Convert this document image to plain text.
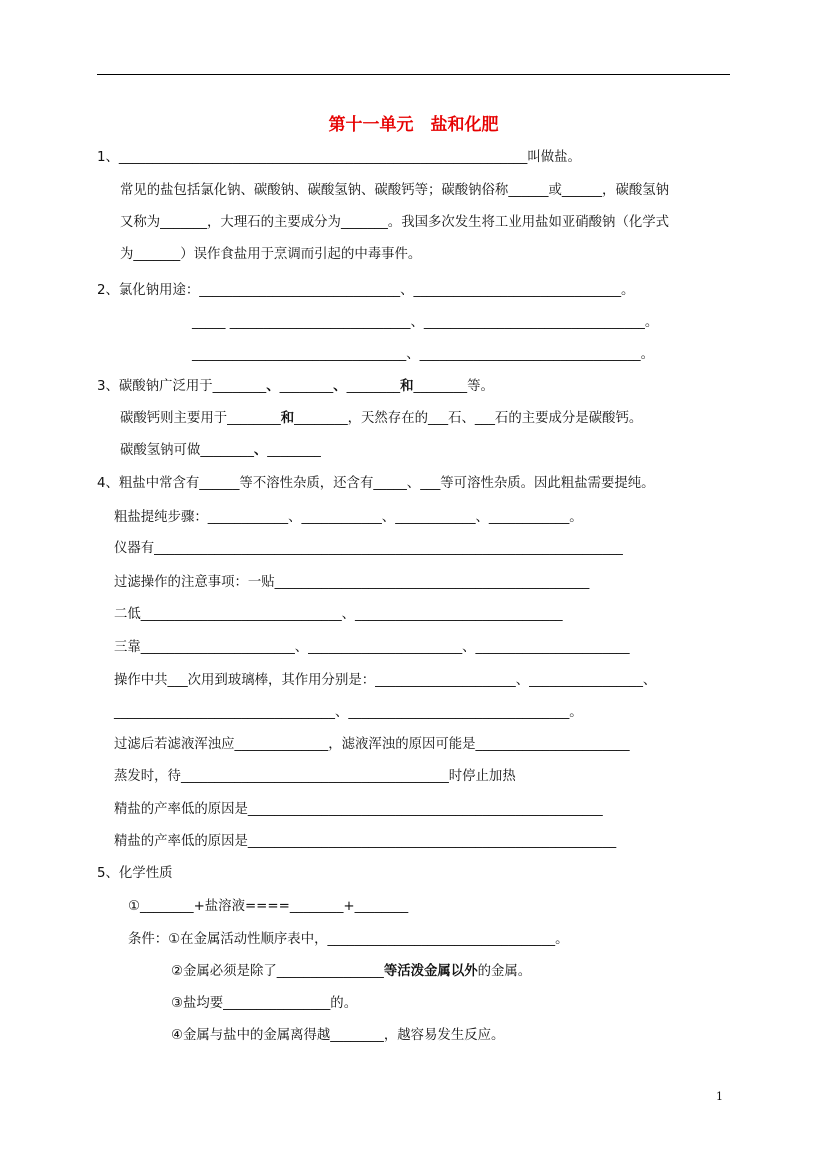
第十一单元　盐和化肥
1、_____________________________________________________________叫做盐。
常见的盐包括氯化钠、碳酸钠、碳酸氢钠、碳酸钙等；碳酸钠俗称______或______，碳酸氢钠
又称为_______，大理石的主要成分为_______。我国多次发生将工业用盐如亚硝酸钠（化学式
为_______）误作食盐用于烹调而引起的中毒事件。
2、氯化钠用途：______________________________、_______________________________。
_____ ___________________________、_________________________________。
________________________________、_________________________________。
3、碳酸钠广泛用于________、________、________和________等。
碳酸钙则主要用于________和________，天然存在的___石、___石的主要成分是碳酸钙。
碳酸氢钠可做________、________
4、粗盐中常含有______等不溶性杂质，还含有_____、___等可溶性杂质。因此粗盐需要提纯。
粗盐提纯步骤：____________、____________、____________、____________。
仪器有______________________________________________________________________
过滤操作的注意事项：一贴_______________________________________________
二低______________________________、_______________________________
三靠_______________________、_______________________、_______________________
操作中共___次用到玻璃棒，其作用分别是：_____________________、_________________、
_________________________________、_________________________________。
过滤后若滤液浑浊应______________，滤液浑浊的原因可能是_______________________
蒸发时，待________________________________________时停止加热
精盐的产率低的原因是_____________________________________________________
精盐的产率低的原因是_______________________________________________________
5、化学性质
①________+盐溶液====________+________
条件：①在金属活动性顺序表中，__________________________________。
②金属必须是除了________________等活泼金属以外的金属。
③盐均要________________的。
④金属与盐中的金属离得越________，越容易发生反应。
1
